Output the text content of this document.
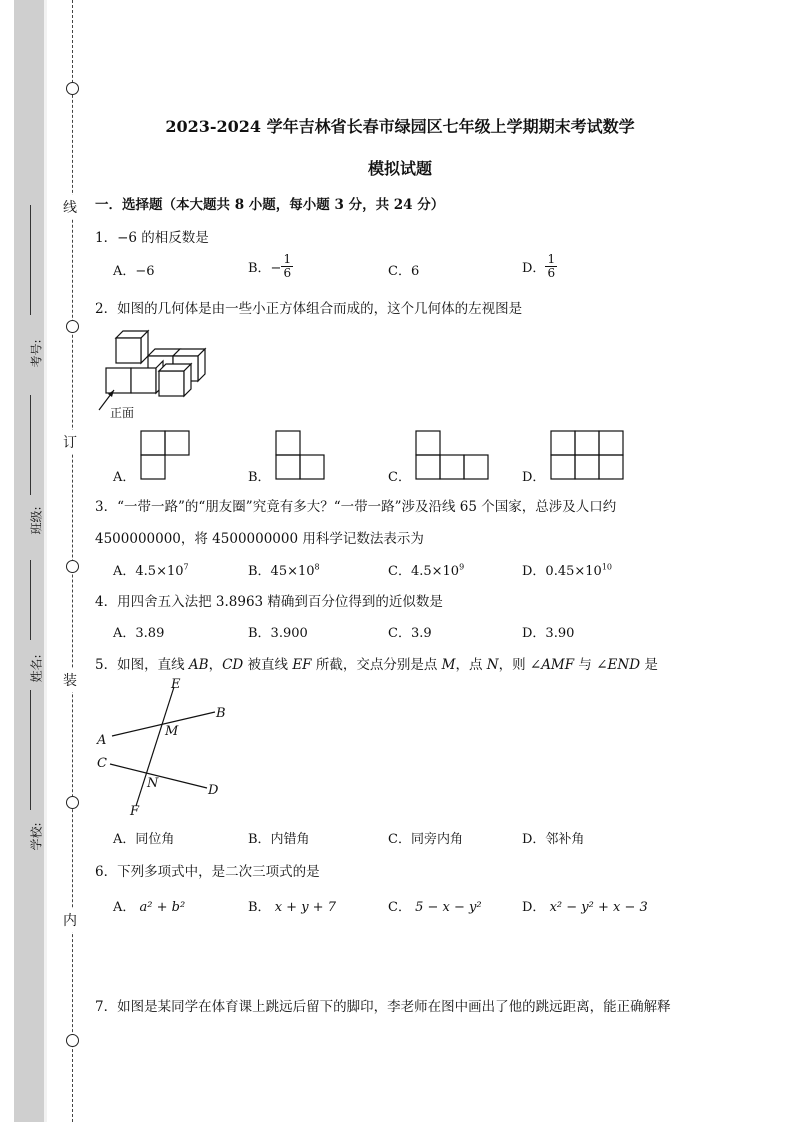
线
订
装
内
考号:
班级:
姓名:
学校:
2023-2024 学年吉林省长春市绿园区七年级上学期期末考试数学
模拟试题
一．选择题（本大题共 8 小题，每小题 3 分，共 24 分）
1．−6 的相反数是
A．−6	B．− $\frac{1}{6}$	C．6	D． $\frac{1}{6}$
2．如图的几何体是由一些小正方体组合而成的，这个几何体的左视图是
正面
A．	B．	C．	D．
3．“一带一路”的“朋友圈”究竟有多大？“一带一路”涉及沿线 65 个国家，总涉及人口约
4500000000，将 4500000000 用科学记数法表示为
A．$4.5\times 10^7$	B．$45\times 10^8$	C．$4.5\times 10^9$	D．$0.45\times 10^{10}$
4．用四舍五入法把 3.8963 精确到百分位得到的近似数是
A．3.89	B．3.900	C．3.9	D．3.90
5．如图，直线 AB，CD 被直线 EF 所截，交点分别是点 M，点 N，则 ∠AMF 与 ∠END 是
E
B
A
M
C
N	D
F
A．同位角	B．内错角	C．同旁内角	D．邻补角
6．下列多项式中，是二次三项式的是
A． a² + b²	B． x + y + 7	C． 5 − x − y²	D． x² − y² + x − 3
7．如图是某同学在体育课上跳远后留下的脚印，李老师在图中画出了他的跳远距离，能正确解释
